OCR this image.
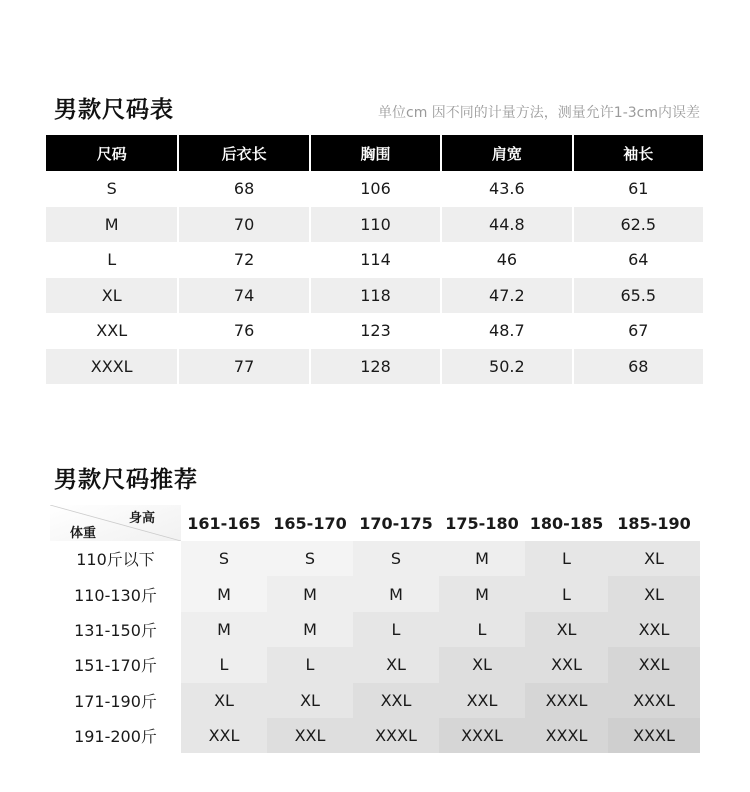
男款尺码表	单位cm 因不同的计量方法，测量允许1-3cm内误差
尺码	后衣长	胸围	肩宽	袖长
S	68	106	43.6	61
M	70	110	44.8	62.5
L	72	114	46	64
XL	74	118	47.2	65.5
XXL	76	123	48.7	67
XXXL	77	128	50.2	68
男款尺码推荐
身高
体重
161-165 165-170 170-175 175-180 180-185 185-190
110斤以下	S	S	S	M	L	XL
110-130斤	M	M	M	M	L	XL
131-150斤	M	M	L	L	XL	XXL
151-170斤	L	L	XL	XL	XXL	XXL
171-190斤	XL	XL	XXL	XXL	XXXL	XXXL
191-200斤	XXL	XXL	XXXL	XXXL	XXXL	XXXL
